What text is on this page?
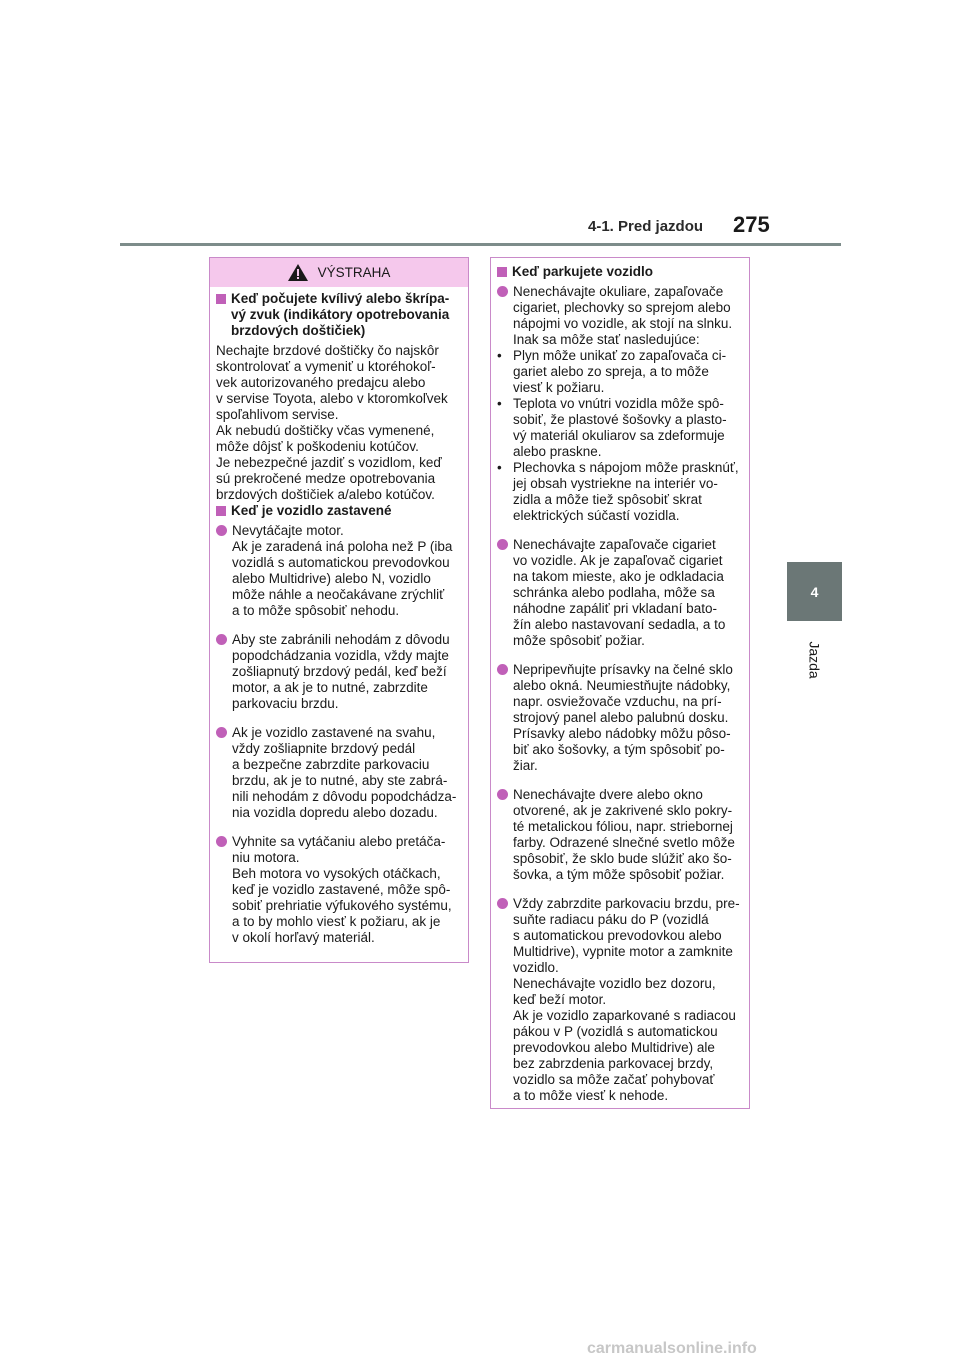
4-1. Pred jazdou 275
4
Jazda
VÝSTRAHA
Keď počujete kvílivý alebo škrípa-
vý zvuk (indikátory opotrebovania
brzdových doštičiek)

Nechajte brzdové doštičky čo najskôr
skontrolovať a vymeniť u ktoréhokoľ-
vek autorizovaného predajcu alebo
v servise Toyota, alebo v ktoromkoľvek
spoľahlivom servise.
Ak nebudú doštičky včas vymenené,
môže dôjsť k poškodeniu kotúčov.
Je nebezpečné jazdiť s vozidlom, keď
sú prekročené medze opotrebovania
brzdových doštičiek a/alebo kotúčov.

Keď je vozidlo zastavené
Nevytáčajte motor.
Ak je zaradená iná poloha než P (iba
vozidlá s automatickou prevodovkou
alebo Multidrive) alebo N, vozidlo
môže náhle a neočakávane zrýchliť
a to môže spôsobiť nehodu.
Aby ste zabránili nehodám z dôvodu
popodchádzania vozidla, vždy majte
zošliapnutý brzdový pedál, keď beží
motor, a ak je to nutné, zabrzdite
parkovaciu brzdu.
Ak je vozidlo zastavené na svahu,
vždy zošliapnite brzdový pedál
a bezpečne zabrzdite parkovaciu
brzdu, ak je to nutné, aby ste zabrá-
nili nehodám z dôvodu popodchádza-
nia vozidla dopredu alebo dozadu.
Vyhnite sa vytáčaniu alebo pretáča-
niu motora.
Beh motora vo vysokých otáčkach,
keď je vozidlo zastavené, môže spô-
sobiť prehriatie výfukového systému,
a to by mohlo viesť k požiaru, ak je
v okolí horľavý materiál.
Keď parkujete vozidlo
Nenechávajte okuliare, zapaľovače
cigariet, plechovky so sprejom alebo
nápojmi vo vozidle, ak stojí na slnku.
Inak sa môže stať nasledujúce:
• Plyn môže unikať zo zapaľovača ci-
gariet alebo zo spreja, a to môže
viesť k požiaru.
• Teplota vo vnútri vozidla môže spô-
sobiť, že plastové šošovky a plasto-
vý materiál okuliarov sa zdeformuje
alebo praskne.
• Plechovka s nápojom môže prasknúť,
jej obsah vystriekne na interiér vo-
zidla a môže tiež spôsobiť skrat
elektrických súčastí vozidla.
Nenechávajte zapaľovače cigariet
vo vozidle. Ak je zapaľovač cigariet
na takom mieste, ako je odkladacia
schránka alebo podlaha, môže sa
náhodne zapáliť pri vkladaní bato-
žín alebo nastavovaní sedadla, a to
môže spôsobiť požiar.
Nepripevňujte prísavky na čelné sklo
alebo okná. Neumiestňujte nádobky,
napr. osviežovače vzduchu, na prí-
strojový panel alebo palubnú dosku.
Prísavky alebo nádobky môžu pôso-
biť ako šošovky, a tým spôsobiť po-
žiar.
Nenechávajte dvere alebo okno
otvorené, ak je zakrivené sklo pokry-
té metalickou fóliou, napr. striebornej
farby. Odrazené slnečné svetlo môže
spôsobiť, že sklo bude slúžiť ako šo-
šovka, a tým môže spôsobiť požiar.
Vždy zabrzdite parkovaciu brzdu, pre-
suňte radiacu páku do P (vozidlá
s automatickou prevodovkou alebo
Multidrive), vypnite motor a zamknite
vozidlo.
Nenechávajte vozidlo bez dozoru,
keď beží motor.
Ak je vozidlo zaparkované s radiacou
pákou v P (vozidlá s automatickou
prevodovkou alebo Multidrive) ale
bez zabrzdenia parkovacej brzdy,
vozidlo sa môže začať pohybovať
a to môže viesť k nehode.
carmanualsonline.info
